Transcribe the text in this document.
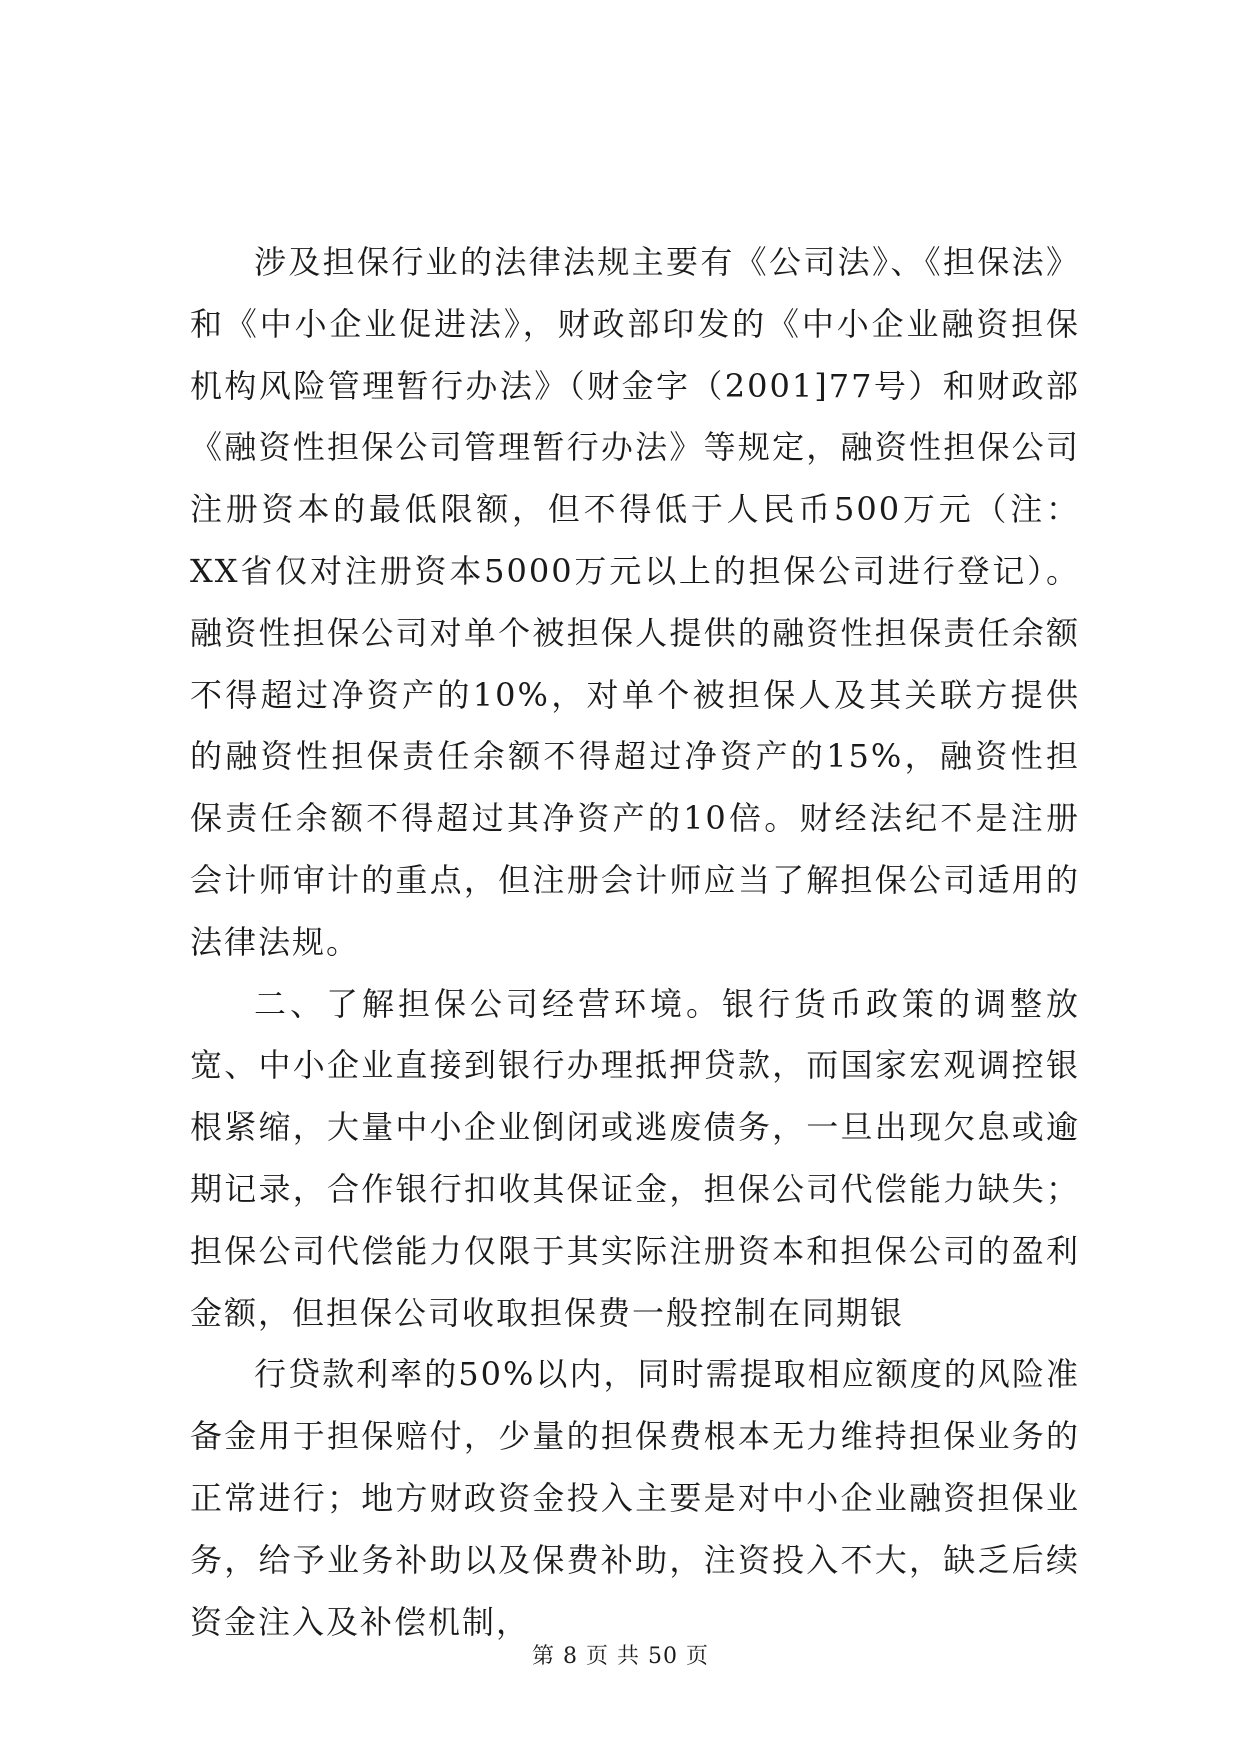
涉及担保行业的法律法规主要有《公司法》、《担保法》和《中小企业促进法》，财政部印发的《中小企业融资担保机构风险管理暂行办法》（财金字（2001]77号）和财政部《融资性担保公司管理暂行办法》等规定，融资性担保公司注册资本的最低限额，但不得低于人民币500万元（注：XX省仅对注册资本5000万元以上的担保公司进行登记）。融资性担保公司对单个被担保人提供的融资性担保责任余额不得超过净资产的10%，对单个被担保人及其关联方提供的融资性担保责任余额不得超过净资产的15%，融资性担保责任余额不得超过其净资产的10倍。财经法纪不是注册会计师审计的重点，但注册会计师应当了解担保公司适用的法律法规。

二、了解担保公司经营环境。银行货币政策的调整放宽、中小企业直接到银行办理抵押贷款，而国家宏观调控银根紧缩，大量中小企业倒闭或逃废债务，一旦出现欠息或逾期记录，合作银行扣收其保证金，担保公司代偿能力缺失；担保公司代偿能力仅限于其实际注册资本和担保公司的盈利金额，但担保公司收取担保费一般控制在同期银

行贷款利率的50%以内，同时需提取相应额度的风险准备金用于担保赔付，少量的担保费根本无力维持担保业务的正常进行；地方财政资金投入主要是对中小企业融资担保业务，给予业务补助以及保费补助，注资投入不大，缺乏后续资金注入及补偿机制，

第 8 页 共 50 页
